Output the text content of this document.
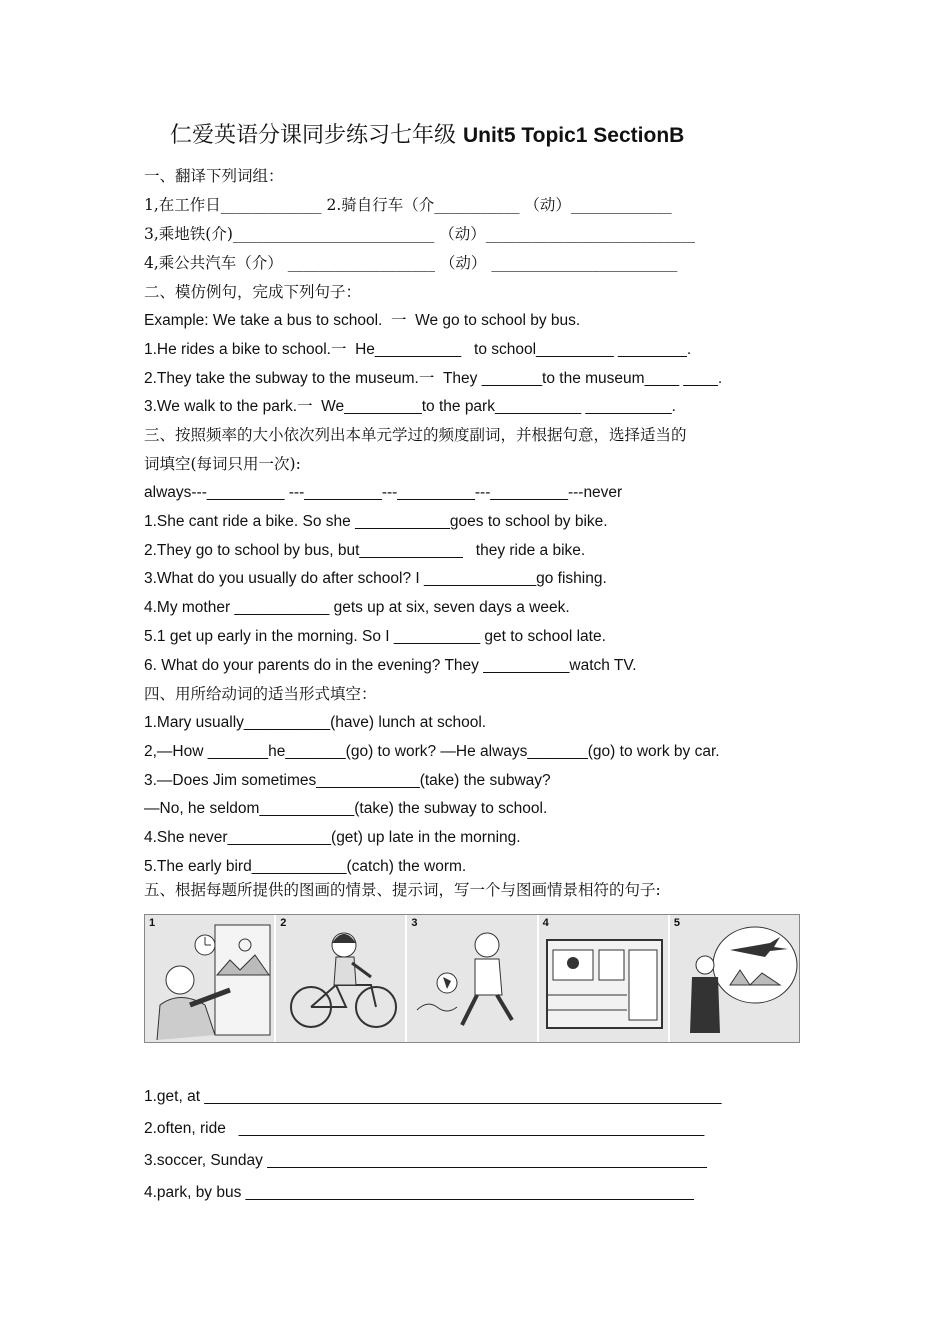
仁爱英语分课同步练习七年级 Unit5 Topic1 SectionB
一、翻译下列词组：
1,在工作日_____________ 2.骑自行车（介___________ （动）_____________
3,乘地铁(介)__________________________ （动）___________________________
4,乘公共汽车（介） ___________________ （动） ________________________
二、模仿例句，完成下列句子：
Example: We take a bus to school.  一  We go to school by bus.
1.He rides a bike to school.一  He__________   to school_________ ________.
2.They take the subway to the museum.一  They _______to the museum____ ____.
3.We walk to the park.一  We_________to the park__________ __________.
三、按照频率的大小依次列出本单元学过的频度副词，并根据句意，选择适当的
词填空(每词只用一次):
always---_________ ---_________---_________---_________---never
1.She cant ride a bike. So she ___________goes to school by bike.
2.They go to school by bus, but____________   they ride a bike.
3.What do you usually do after school? I _____________go fishing.
4.My mother ___________ gets up at six, seven days a week.
5.1 get up early in the morning. So I __________ get to school late.
6. What do your parents do in the evening? They __________watch TV.
四、用所给动词的适当形式填空：
1.Mary usually__________(have) lunch at school.
2,—How _______he_______(go) to work? —He always_______(go) to work by car.
3.—Does Jim sometimes____________(take) the subway?
—No, he seldom___________(take) the subway to school.
4.She never____________(get) up late in the morning.
5.The early bird___________(catch) the worm.
五、根据每题所提供的图画的情景、提示词，写一个与图画情景相符的句子:
1	2	3	4	5
1.get, at ____________________________________________________________
2.often, ride   ______________________________________________________
3.soccer, Sunday ___________________________________________________
4.park, by bus ____________________________________________________
